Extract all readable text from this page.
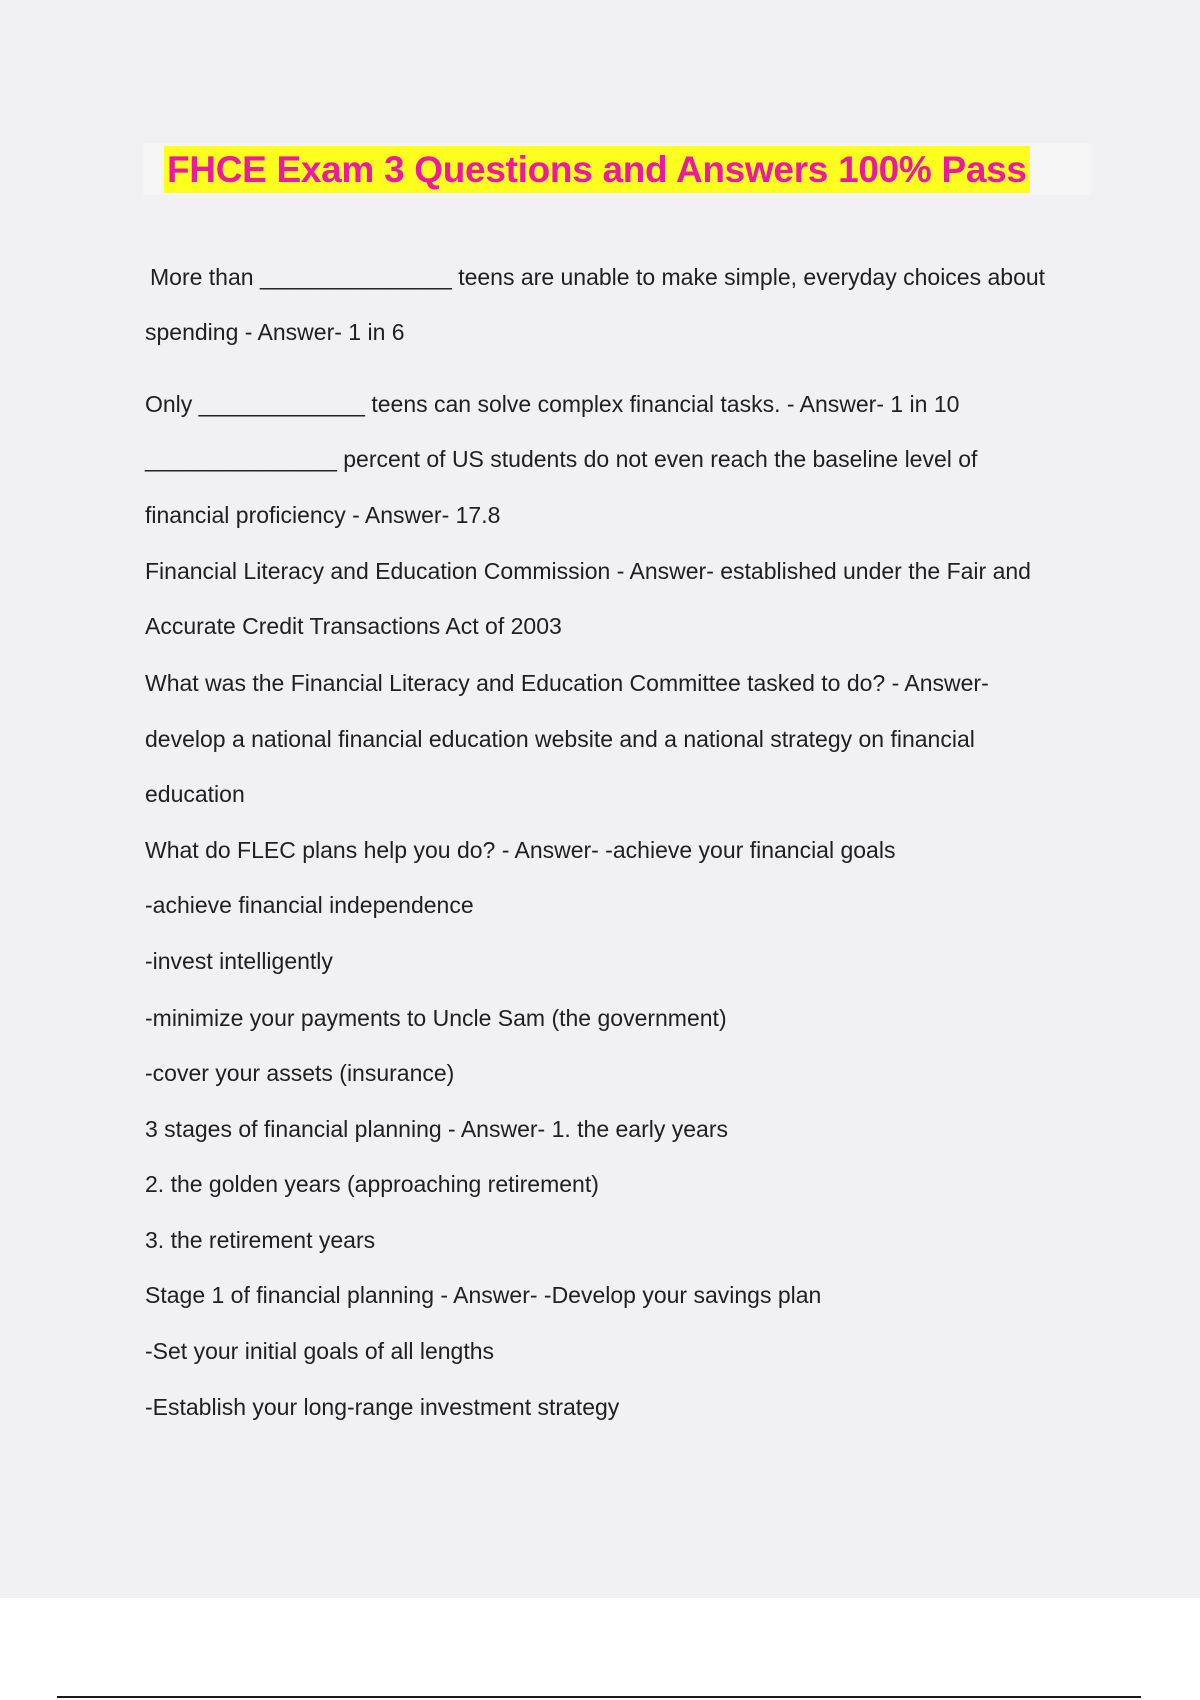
FHCE Exam 3 Questions and Answers 100% Pass
More than _______________ teens are unable to make simple, everyday choices about
spending - Answer- 1 in 6
Only _____________ teens can solve complex financial tasks. - Answer- 1 in 10
_______________ percent of US students do not even reach the baseline level of
financial proficiency - Answer- 17.8
Financial Literacy and Education Commission - Answer- established under the Fair and
Accurate Credit Transactions Act of 2003
What was the Financial Literacy and Education Committee tasked to do? - Answer-
develop a national financial education website and a national strategy on financial
education
What do FLEC plans help you do? - Answer- -achieve your financial goals
-achieve financial independence
-invest intelligently
-minimize your payments to Uncle Sam (the government)
-cover your assets (insurance)
3 stages of financial planning - Answer- 1. the early years
2. the golden years (approaching retirement)
3. the retirement years
Stage 1 of financial planning - Answer- -Develop your savings plan
-Set your initial goals of all lengths
-Establish your long-range investment strategy
